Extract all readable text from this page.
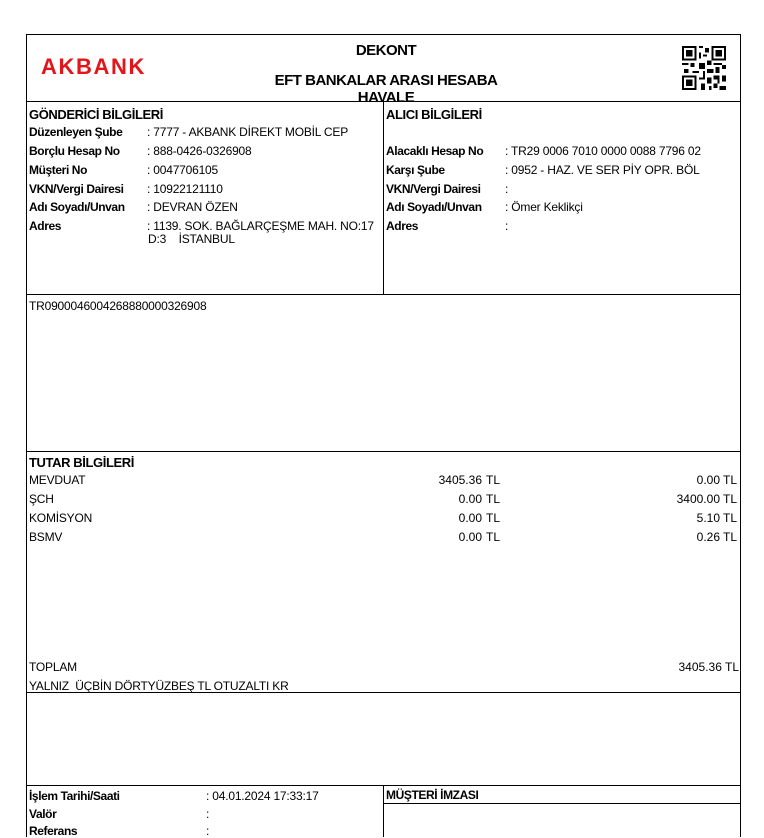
AKBANK
DEKONT
EFT BANKALAR ARASI HESABA HAVALE
GÖNDERİCİ BİLGİLERİ
Düzenleyen Şube : 7777 - AKBANK DİREKT MOBİL CEP
Borçlu Hesap No : 888-0426-0326908
Müşteri No	: 0047706105
VKN/Vergi Dairesi : 10922121110
Adı Soyadı/Unvan : DEVRAN ÖZEN
Adres	: 1139. SOK. BAĞLARÇEŞME MAH. NO:17
D:3    İSTANBUL
ALICI BİLGİLERİ
Alacaklı Hesap No : TR29 0006 7010 0000 0088 7796 02
Karşı Şube	: 0952 - HAZ. VE SER PİY OPR. BÖL
VKN/Vergi Dairesi :
Adı Soyadı/Unvan : Ömer Keklikçi
Adres	:
TR0900046004268880000326908
TUTAR BİLGİLERİ
MEVDUAT	3405.36 TL	0.00 TL
ŞCH	0.00 TL	3400.00 TL
KOMİSYON	0.00 TL	5.10 TL
BSMV	0.00 TL	0.26 TL
TOPLAM	3405.36 TL
YALNIZ  ÜÇBİN DÖRTYÜZBEŞ TL OTUZALTI KR
İşlem Tarihi/Saati	: 04.01.2024 17:33:17
Valör	:
Referans	:
MÜŞTERİ İMZASI
